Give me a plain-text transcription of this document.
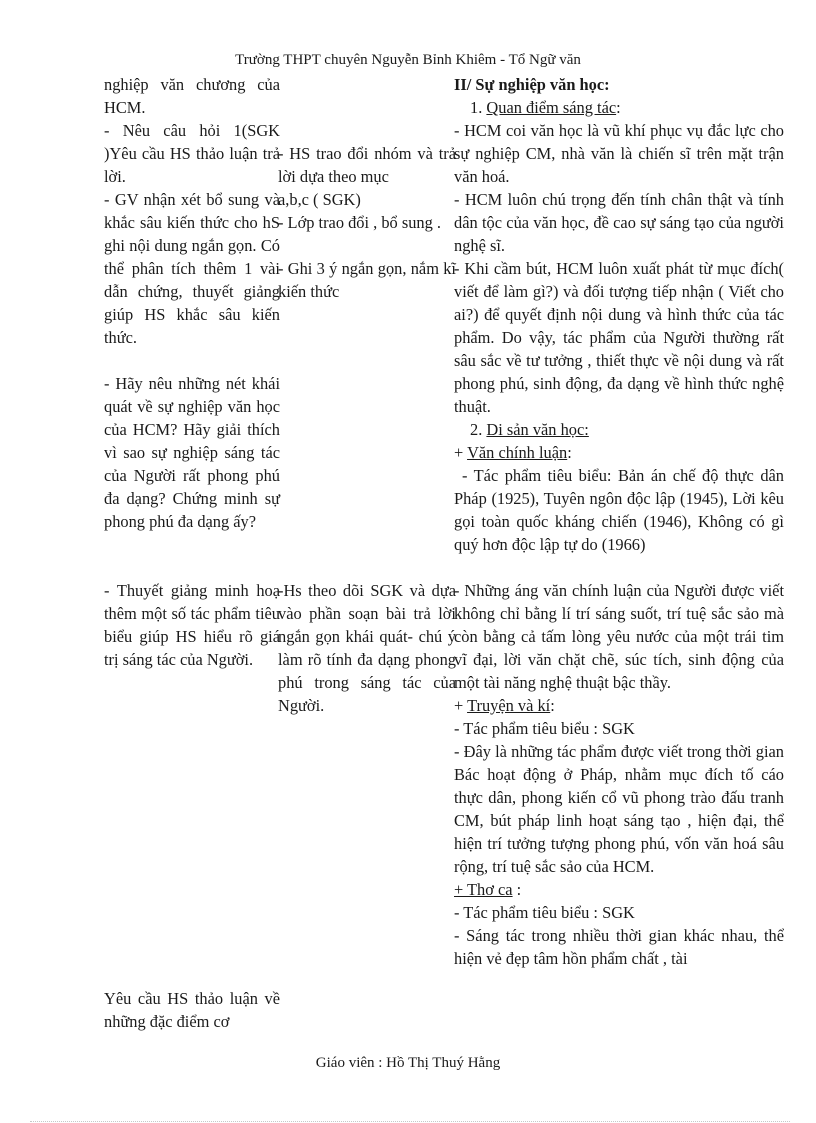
Trường THPT chuyên Nguyễn Bỉnh Khiêm - Tổ Ngữ văn
nghiệp văn chương của HCM.
- Nêu câu hỏi 1(SGK )Yêu cầu HS thảo luận trả lời.
- GV nhận xét bổ sung và khắc sâu kiến thức cho hS ghi nội dung ngắn gọn. Có thể phân tích thêm 1 vài dẫn chứng, thuyết giảng giúp HS khắc sâu kiến thức.
- Hãy nêu những nét khái quát về sự nghiệp văn học của HCM? Hãy giải thích vì sao sự nghiệp sáng tác của Người rất phong phú đa dạng? Chứng minh sự phong phú đa dạng ấy?
- Thuyết giảng minh hoạ thêm một số tác phẩm tiêu biểu giúp HS hiểu rõ giá trị sáng tác của Người.
Yêu cầu HS thảo luận về những đặc điểm cơ
- HS trao đổi nhóm và trả lời dựa theo mục
a,b,c ( SGK)
- Lớp trao đổi , bổ sung .
- Ghi 3 ý ngắn gọn, nắm kĩ kiến thức
-Hs theo dõi SGK và dựa vào phần soạn bài trả lời ngắn gọn khái quát- chú ý làm rõ tính đa dạng phong phú trong sáng tác của Người.
II/ Sự nghiệp văn học:
1. Quan điểm sáng tác:
- HCM coi văn học là vũ khí phục vụ đắc lực cho sự nghiệp CM, nhà văn là chiến sĩ trên mặt trận văn hoá.
- HCM luôn chú trọng đến tính chân thật và tính dân tộc của văn học, đề cao sự sáng tạo của người nghệ sĩ.
- Khi cầm bút, HCM luôn xuất phát từ mục đích( viết để làm gì?) và đối tượng tiếp nhận ( Viết cho ai?) để quyết định nội dung và hình thức của tác phẩm. Do vậy, tác phẩm của Người thường rất sâu sắc về tư tưởng , thiết thực về nội dung và rất phong phú, sinh động, đa dạng về hình thức nghệ thuật.
2. Di sản văn học:
+ Văn chính luận:
- Tác phẩm tiêu biểu: Bản án chế độ thực dân Pháp (1925), Tuyên ngôn độc lập (1945), Lời kêu gọi toàn quốc kháng chiến (1946), Không có gì quý hơn độc lập tự do (1966)
- Những áng văn chính luận của Người được viết không chỉ bằng lí trí sáng suốt, trí tuệ sắc sảo mà còn bằng cả tấm lòng yêu nước của một trái tim vĩ đại, lời văn chặt chẽ, súc tích, sinh động của một tài năng nghệ thuật bậc thầy.
+ Truyện và kí:
- Tác phẩm tiêu biểu : SGK
- Đây là những tác phẩm được viết trong thời gian Bác hoạt động ở Pháp, nhằm mục đích tố cáo thực dân, phong kiến cổ vũ phong trào đấu tranh CM, bút pháp linh hoạt sáng tạo , hiện đại, thể hiện trí tưởng tượng phong phú, vốn văn hoá sâu rộng, trí tuệ sắc sảo của HCM.
+ Thơ ca :
- Tác phẩm tiêu biểu : SGK
- Sáng tác trong nhiều thời gian khác nhau, thể hiện vẻ đẹp tâm hồn phẩm chất , tài
Giáo viên : Hồ Thị Thuý Hằng
